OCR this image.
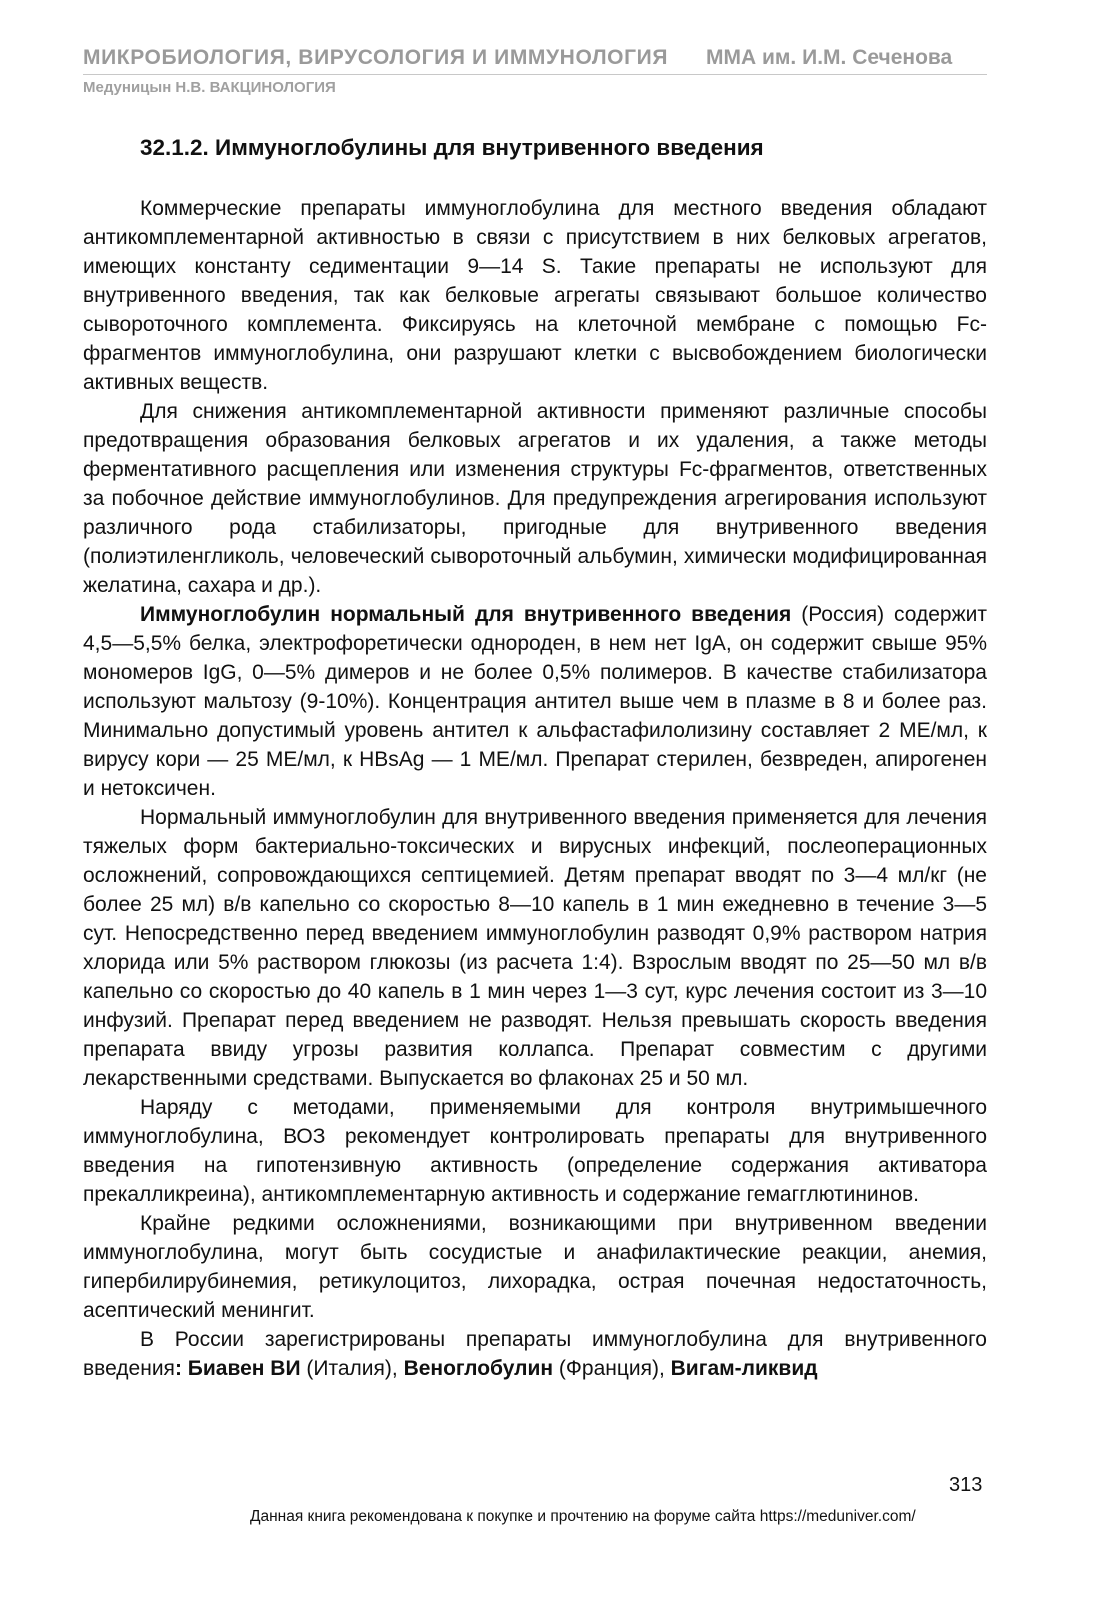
МИКРОБИОЛОГИЯ, ВИРУСОЛОГИЯ И ИММУНОЛОГИЯ ММА им. И.М. Сеченова
Медуницын Н.В. ВАКЦИНОЛОГИЯ
32.1.2. Иммуноглобулины для внутривенного введения

Коммерческие препараты иммуноглобулина для местного введения обладают антикомплементарной активностью в связи с присутствием в них белковых агрегатов, имеющих константу седиментации 9—14 S. Такие препараты не используют для внутривенного введения, так как белковые агрегаты связывают большое количество сывороточного комплемента. Фиксируясь на клеточной мембране с помощью Fc-фрагментов иммуноглобулина, они разрушают клетки с высвобождением биологически активных веществ.

Для снижения антикомплементарной активности применяют различные способы предотвращения образования белковых агрегатов и их удаления, а также методы ферментативного расщепления или изменения структуры Fc-фрагментов, ответственных за побочное действие иммуноглобулинов. Для предупреждения агрегирования используют различного рода стабилизаторы, пригодные для внутривенного введения (полиэтиленгликоль, человеческий сывороточный альбумин, химически модифицированная желатина, сахара и др.).

Иммуноглобулин нормальный для внутривенного введения (Россия) содержит 4,5—5,5% белка, электрофоретически однороден, в нем нет IgA, он содержит свыше 95% мономеров IgG, 0—5% димеров и не более 0,5% полимеров. В качестве стабилизатора используют мальтозу (9-10%). Концентрация антител выше чем в плазме в 8 и более раз. Минимально допустимый уровень антител к альфастафилолизину составляет 2 МЕ/мл, к вирусу кори — 25 МЕ/мл, к HBsAg — 1 МЕ/мл. Препарат стерилен, безвреден, апирогенен и нетоксичен.

Нормальный иммуноглобулин для внутривенного введения применяется для лечения тяжелых форм бактериально-токсических и вирусных инфекций, послеоперационных осложнений, сопровождающихся септицемией. Детям препарат вводят по 3—4 мл/кг (не более 25 мл) в/в капельно со скоростью 8—10 капель в 1 мин ежедневно в течение 3—5 сут. Непосредственно перед введением иммуноглобулин разводят 0,9% раствором натрия хлорида или 5% раствором глюкозы (из расчета 1:4). Взрослым вводят по 25—50 мл в/в капельно со скоростью до 40 капель в 1 мин через 1—3 сут, курс лечения состоит из 3—10 инфузий. Препарат перед введением не разводят. Нельзя превышать скорость введения препарата ввиду угрозы развития коллапса. Препарат совместим с другими лекарственными средствами. Выпускается во флаконах 25 и 50 мл.

Наряду с методами, применяемыми для контроля внутримышечного иммуноглобулина, ВОЗ рекомендует контролировать препараты для внутривенного введения на гипотензивную активность (определение содержания активатора прекалликреина), антикомплементарную активность и содержание гемагглютининов.

Крайне редкими осложнениями, возникающими при внутривенном введении иммуноглобулина, могут быть сосудистые и анафилактические реакции, анемия, гипербилирубинемия, ретикулоцитоз, лихорадка, острая почечная недостаточность, асептический менингит.

В России зарегистрированы препараты иммуноглобулина для внутривенного введения: Биавен ВИ (Италия), Веноглобулин (Франция), Вигам-ликвид

313
Данная книга рекомендована к покупке и прочтению на форуме сайта https://meduniver.com/
